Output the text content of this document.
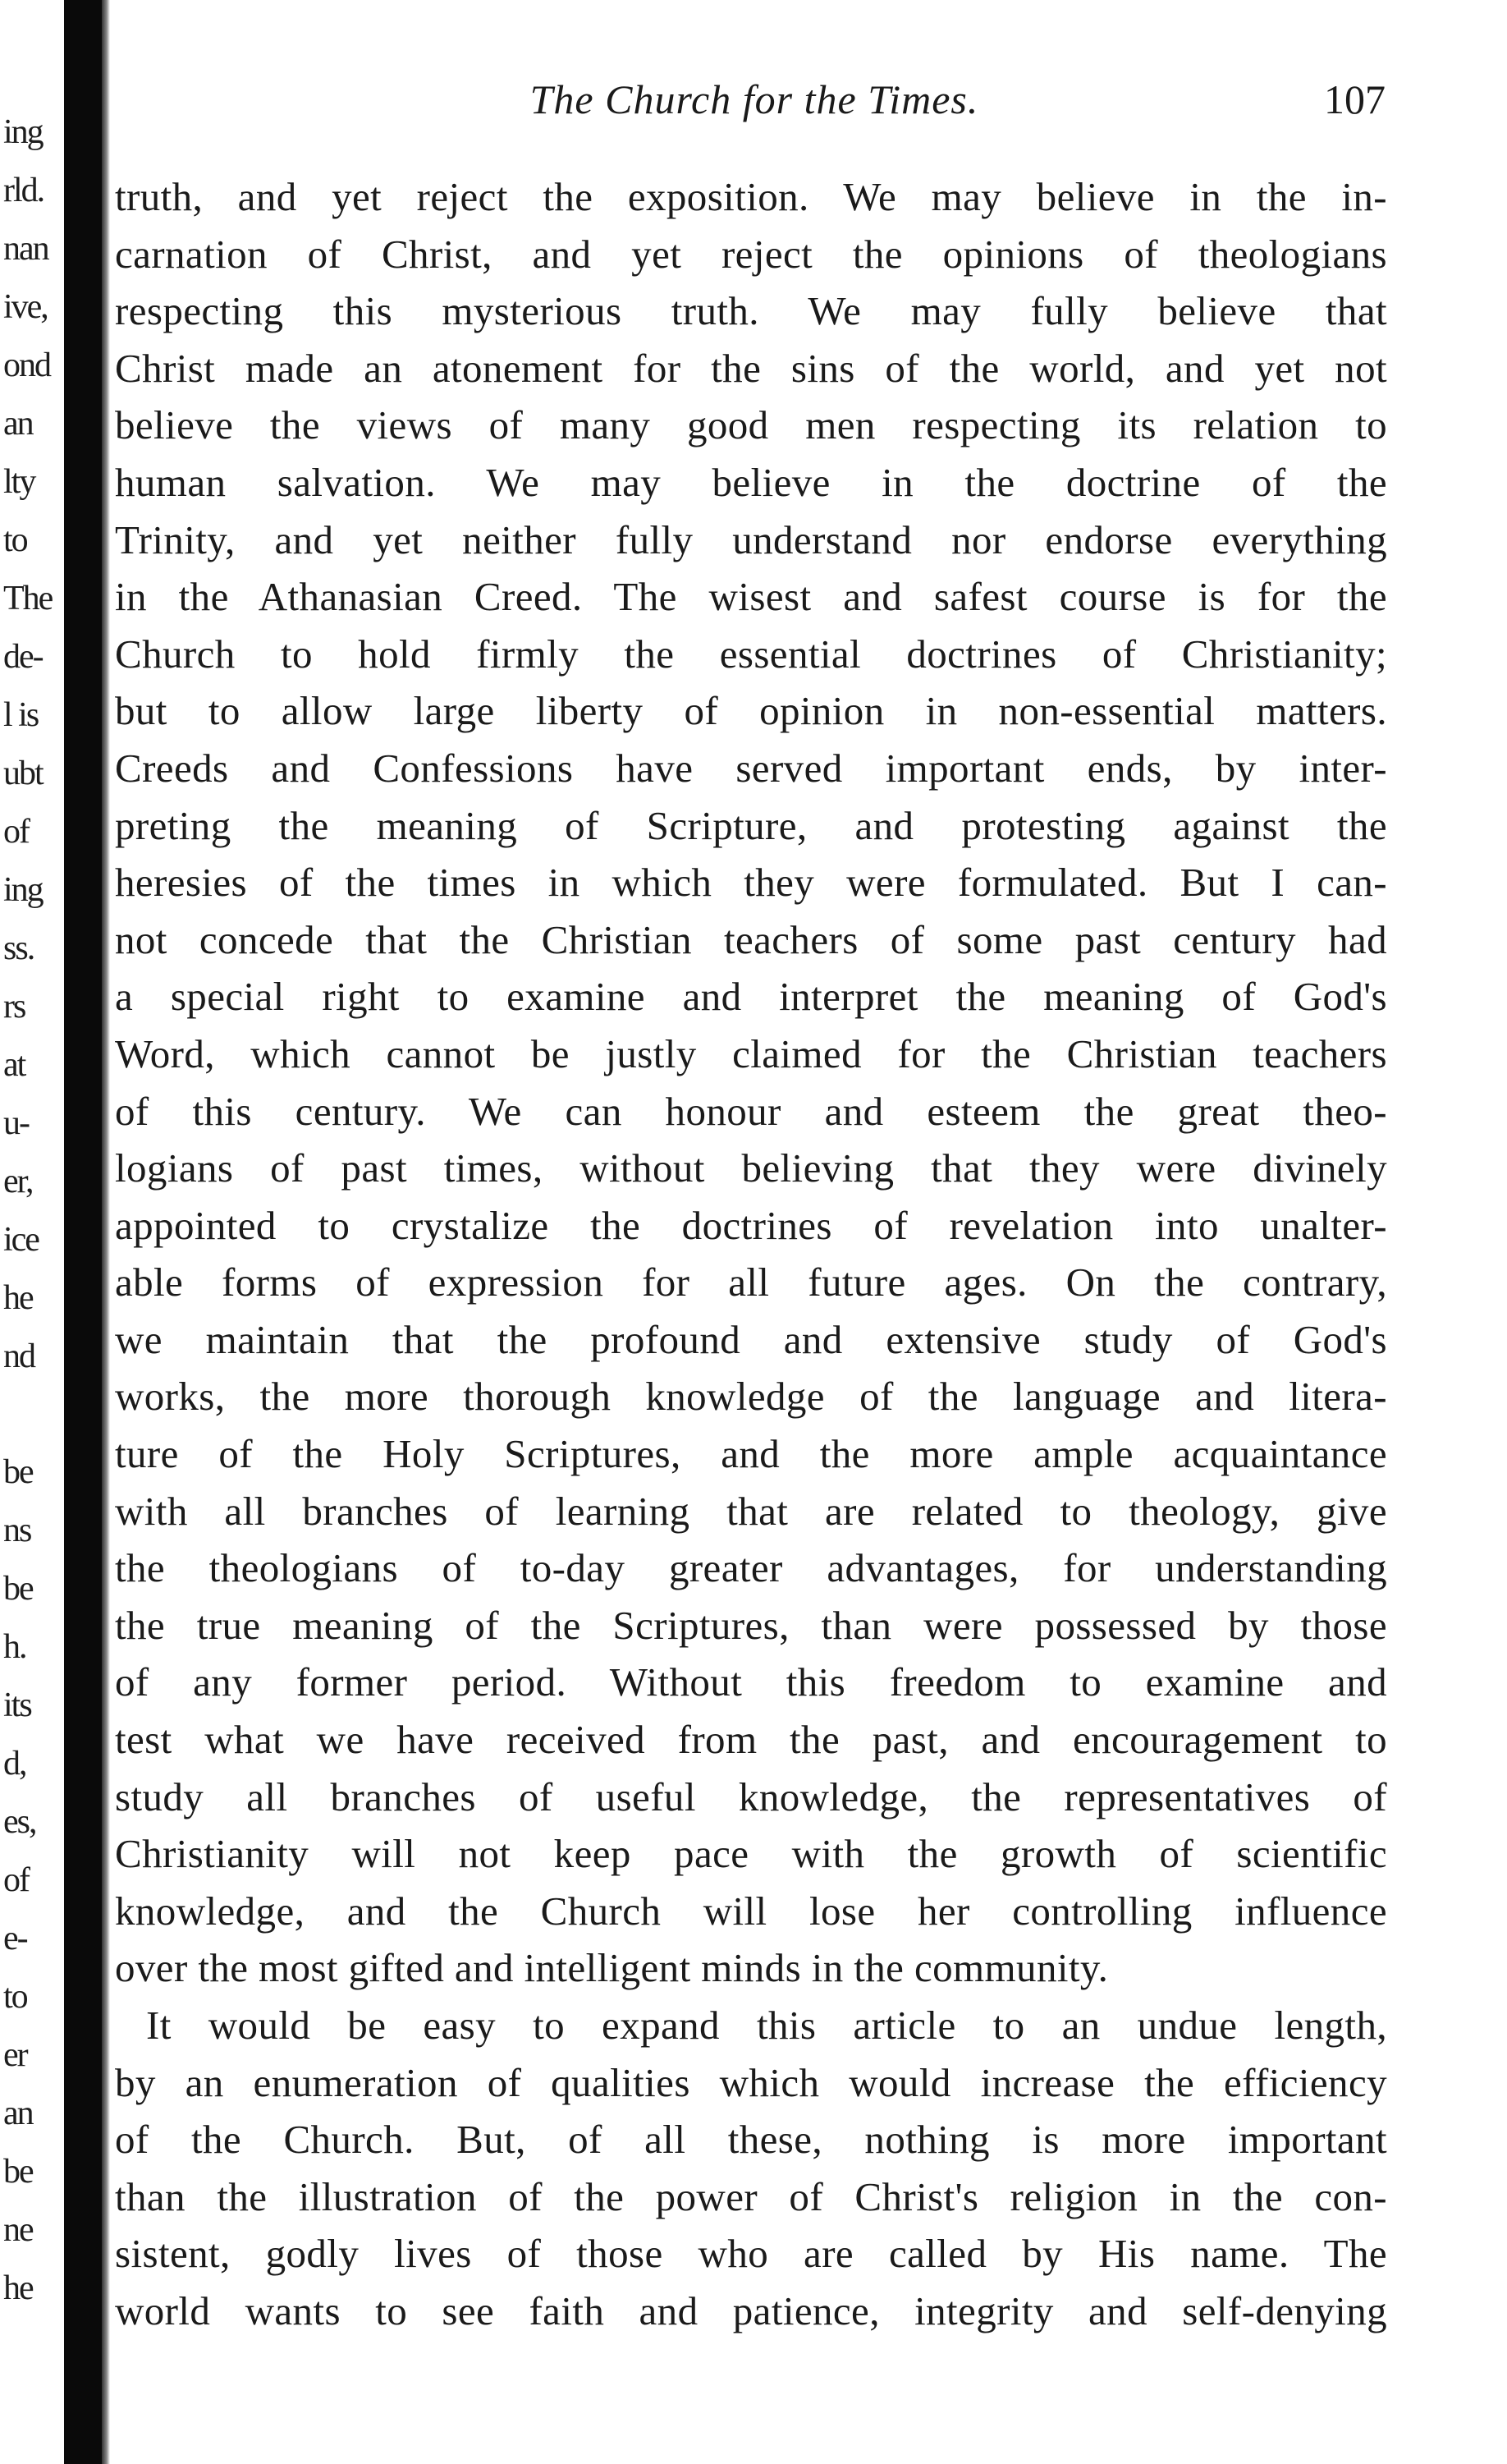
ing
rld.
nan
ive,
ond
an
lty
to
The
de-
l is
ubt
of
ing
ss.
rs
at
u-
er,
ice
he
nd
be
ns
be
h.
its
d,
es,
of
e-
to
er
an
be
ne
he
The Church for the Times.	107
truth, and yet reject the exposition. We may believe in the in-
carnation of Christ, and yet reject the opinions of theologians
respecting this mysterious truth. We may fully believe that
Christ made an atonement for the sins of the world, and yet not
believe the views of many good men respecting its relation to
human salvation. We may believe in the doctrine of the
Trinity, and yet neither fully understand nor endorse everything
in the Athanasian Creed. The wisest and safest course is for the
Church to hold firmly the essential doctrines of Christianity;
but to allow large liberty of opinion in non-essential matters.
Creeds and Confessions have served important ends, by inter-
preting the meaning of Scripture, and protesting against the
heresies of the times in which they were formulated. But I can-
not concede that the Christian teachers of some past century had
a special right to examine and interpret the meaning of God's
Word, which cannot be justly claimed for the Christian teachers
of this century. We can honour and esteem the great theo-
logians of past times, without believing that they were divinely
appointed to crystalize the doctrines of revelation into unalter-
able forms of expression for all future ages. On the contrary,
we maintain that the profound and extensive study of God's
works, the more thorough knowledge of the language and litera-
ture of the Holy Scriptures, and the more ample acquaintance
with all branches of learning that are related to theology, give
the theologians of to-day greater advantages, for understanding
the true meaning of the Scriptures, than were possessed by those
of any former period. Without this freedom to examine and
test what we have received from the past, and encouragement to
study all branches of useful knowledge, the representatives of
Christianity will not keep pace with the growth of scientific
knowledge, and the Church will lose her controlling influence
over the most gifted and intelligent minds in the community.
It would be easy to expand this article to an undue length,
by an enumeration of qualities which would increase the efficiency
of the Church. But, of all these, nothing is more important
than the illustration of the power of Christ's religion in the con-
sistent, godly lives of those who are called by His name. The
world wants to see faith and patience, integrity and self-denying
